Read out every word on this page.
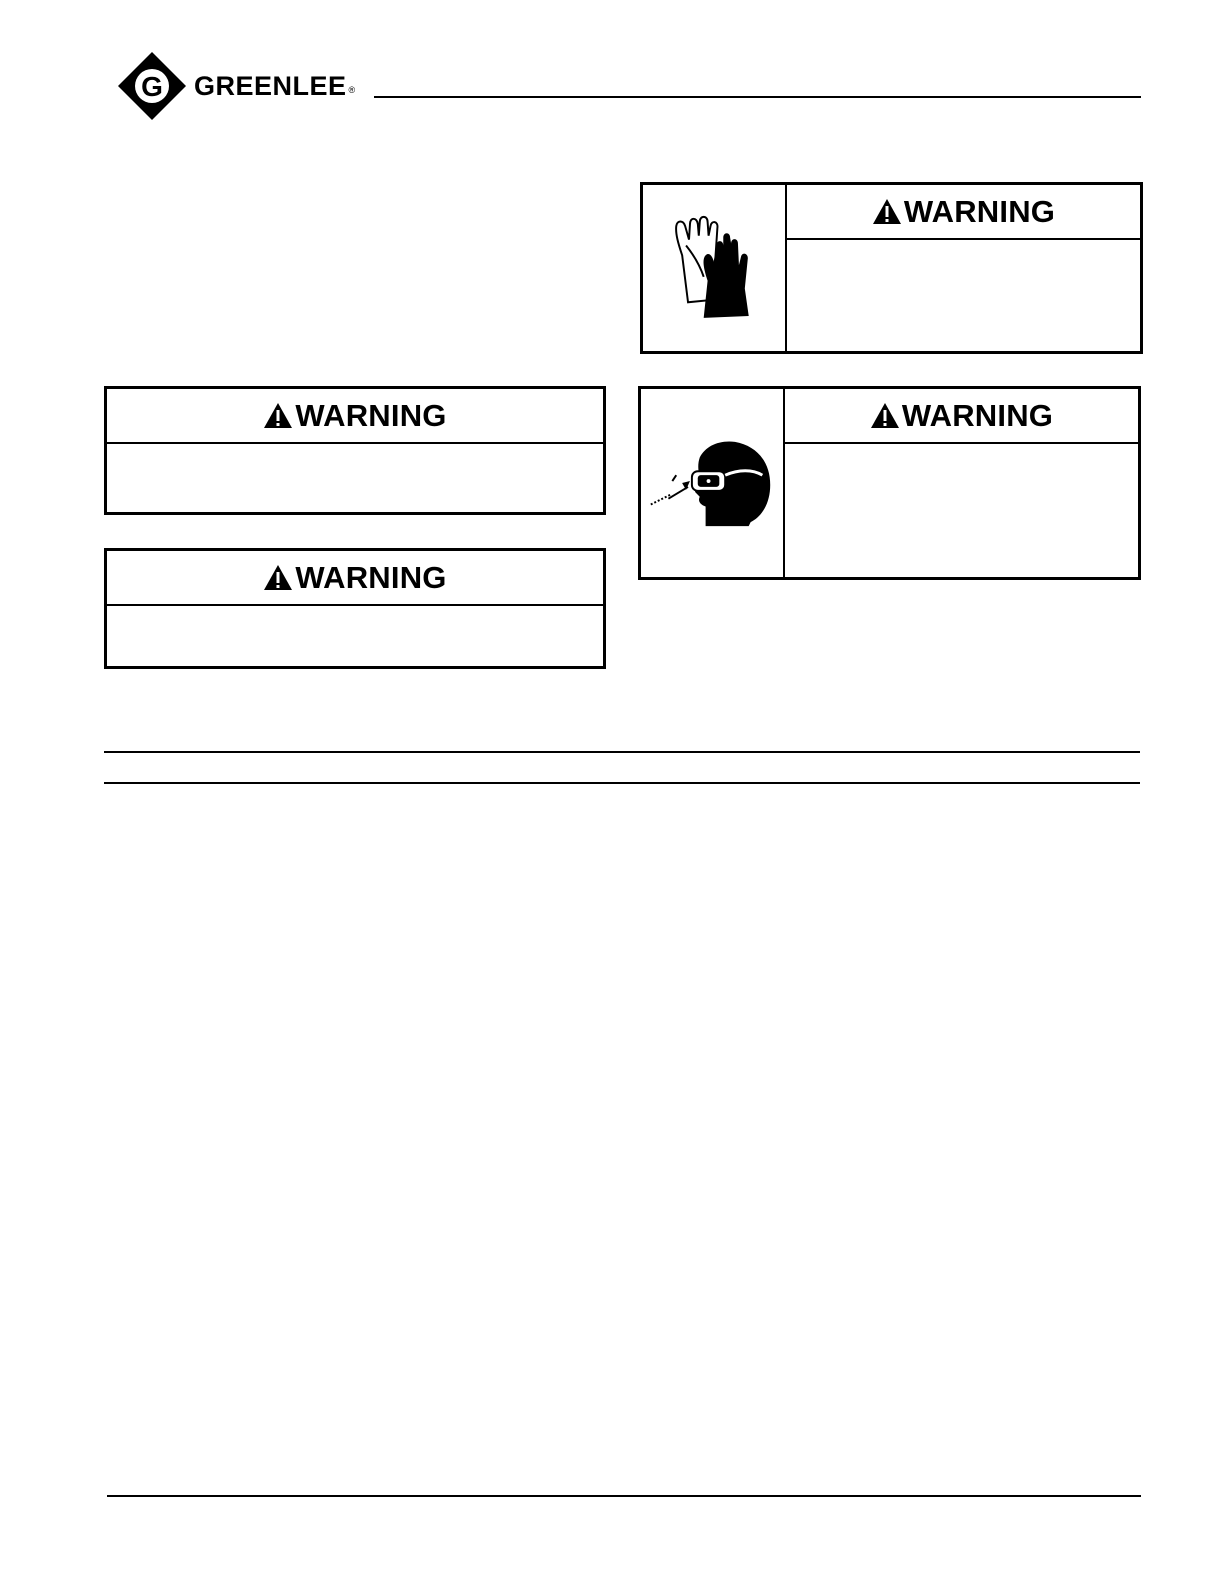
G GREENLEE ®
WARNING
WARNING
WARNING
WARNING
